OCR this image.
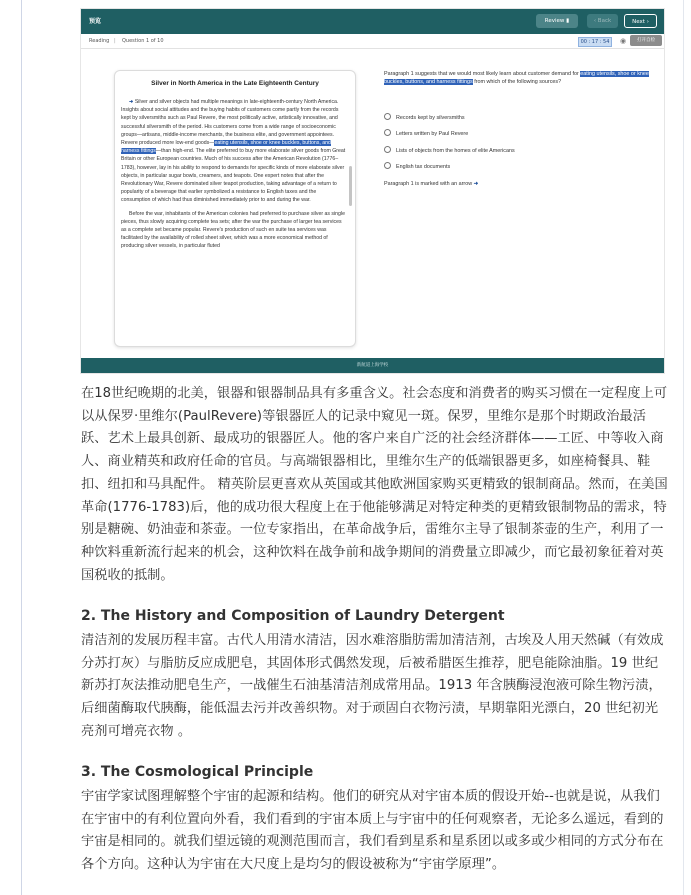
预览	Review ▮	‹ Back	Next ›
Reading | Question 1 of 10	00 : 17 : 54	◉	打开自检
Silver in North America in the Late Eighteenth Century

➜ Silver and silver objects had multiple meanings in late-eighteenth-century North America. Insights about social attitudes and the buying habits of customers come partly from the records kept by silversmiths such as Paul Revere, the most politically active, artistically innovative, and successful silversmith of the period. His customers come from a wide range of socioeconomic groups—artisans, middle-income merchants, the business elite, and government appointees. Revere produced more low-end goods—eating utensils, shoe or knee buckles, buttons, and harness fittings—than high-end. The elite preferred to buy more elaborate silver goods from Great Britain or other European countries. Much of his success after the American Revolution (1776–1783), however, lay in his ability to respond to demands for specific kinds of more elaborate silver objects, in particular sugar bowls, creamers, and teapots. One expert notes that after the Revolutionary War, Revere dominated silver teapot production, taking advantage of a return to popularity of a beverage that earlier symbolized a resistance to English taxes and the consumption of which had thus diminished immediately prior to and during the war.

Before the war, inhabitants of the American colonies had preferred to purchase silver as single pieces, thus slowly acquiring complete tea sets; after the war the purchase of larger tea services as a complete set became popular. Revere's production of such en suite tea services was facilitated by the availability of rolled sheet silver, which was a more economical method of producing silver vessels, in particular fluted

Paragraph 1 suggests that we would most likely learn about customer demand for eating utensils, shoe or knee buckles, buttons, and harness fittings from which of the following sources?
Records kept by silversmiths
Letters written by Paul Revere
Lists of objects from the homes of elite Americans
English tax documents
Paragraph 1 is marked with an arrow ➜
新航道上海学校

在18世纪晚期的北美，银器和银器制品具有多重含义。社会态度和消费者的购买习惯在一定程度上可以从保罗·里维尔(PaulRevere)等银器匠人的记录中窥见一斑。保罗，里维尔是那个时期政治最活跃、艺术上最具创新、最成功的银器匠人。他的客户来自广泛的社会经济群体——工匠、中等收入商人、商业精英和政府任命的官员。与高端银器相比，里维尔生产的低端银器更多，如座椅餐具、鞋扣、纽扣和马具配件。 精英阶层更喜欢从英国或其他欧洲国家购买更精致的银制商品。然而，在美国革命(1776-1783)后，他的成功很大程度上在于他能够满足对特定种类的更精致银制物品的需求，特别是糖碗、奶油壶和茶壶。一位专家指出，在革命战争后，雷维尔主导了银制茶壶的生产，利用了一种饮料重新流行起来的机会，这种饮料在战争前和战争期间的消费量立即减少，而它最初象征着对英国税收的抵制。

2. The History and Composition of Laundry Detergent

清洁剂的发展历程丰富。古代人用清水清洁，因水难溶脂肪需加清洁剂，古埃及人用天然碱（有效成分苏打灰）与脂肪反应成肥皂，其固体形式偶然发现，后被希腊医生推荐，肥皂能除油脂。19 世纪新苏打灰法推动肥皂生产，一战催生石油基清洁剂成常用品。1913 年含胰酶浸泡液可除生物污渍，后细菌酶取代胰酶，能低温去污并改善织物。对于顽固白衣物污渍，早期靠阳光漂白，20 世纪初光亮剂可增亮衣物 。

3. The Cosmological Principle

宇宙学家试图理解整个宇宙的起源和结构。他们的研究从对宇宙本质的假设开始--也就是说，从我们在宇宙中的有利位置向外看，我们看到的宇宙本质上与宇宙中的任何观察者，无论多么遥远，看到的宇宙是相同的。就我们望远镜的观测范围而言，我们看到星系和星系团以或多或少相同的方式分布在各个方向。这种认为宇宙在大尺度上是均匀的假设被称为“宇宙学原理”。
